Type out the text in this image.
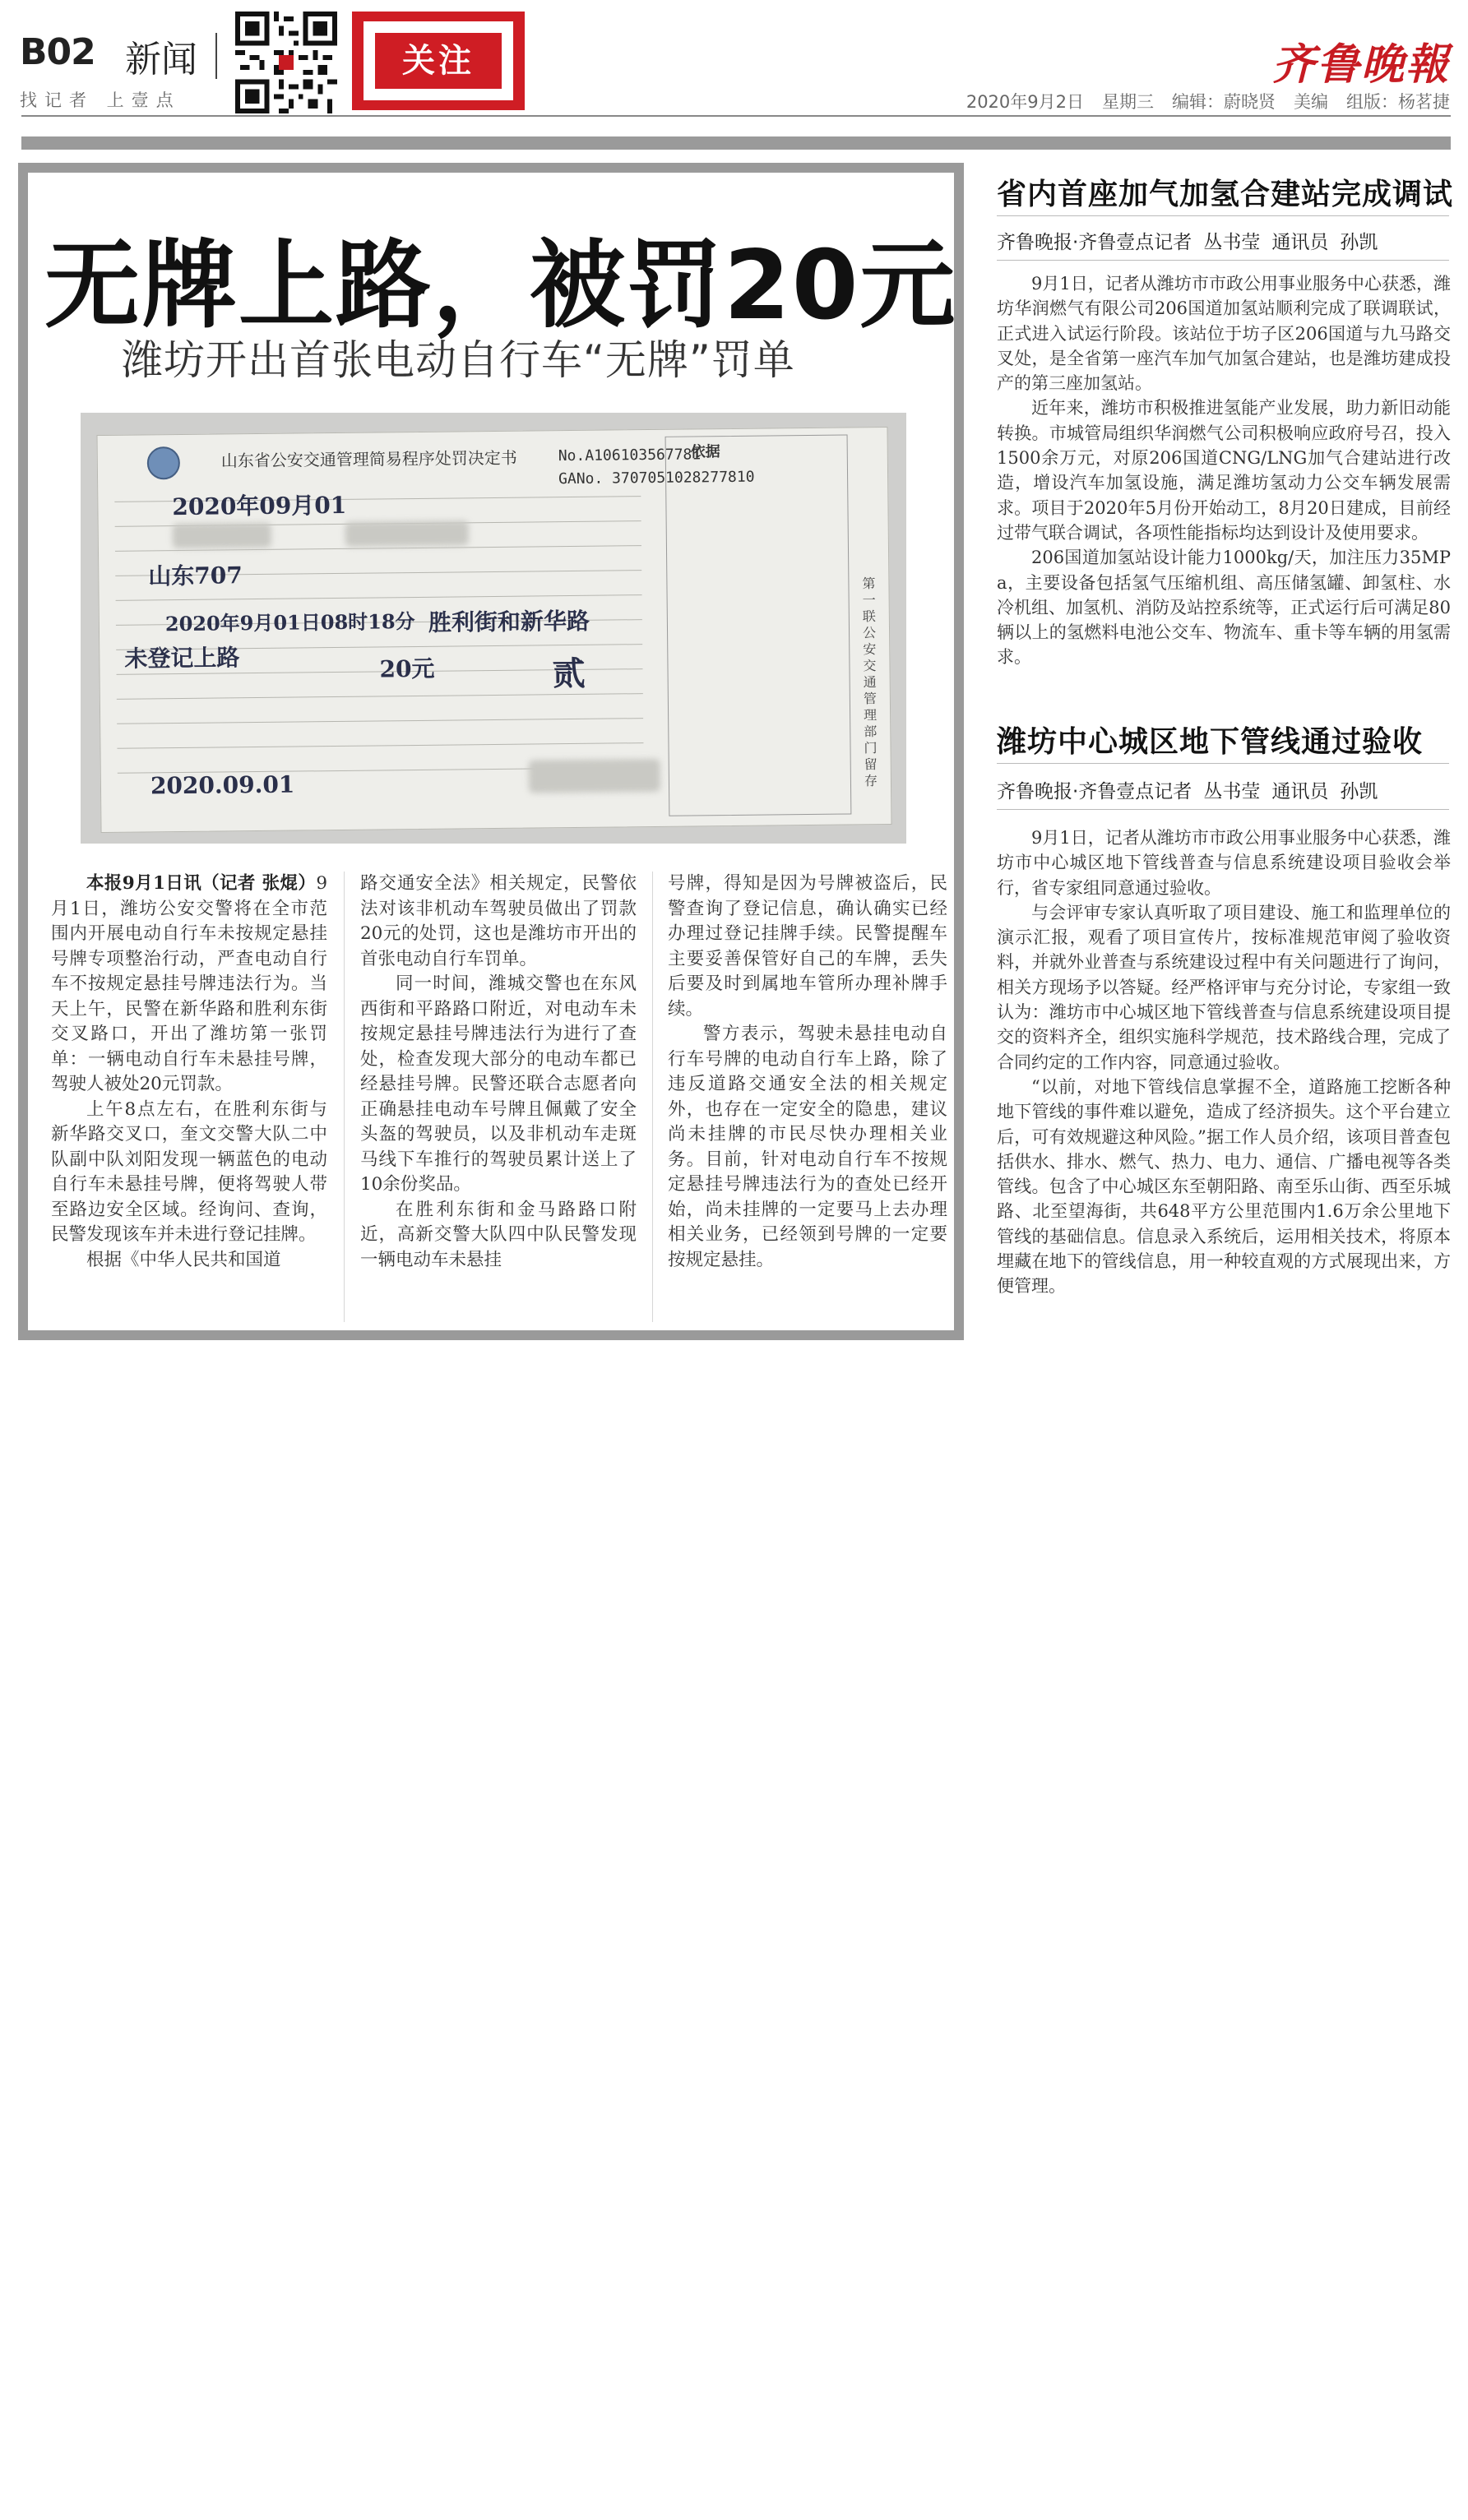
B02 新闻
找记者 上壹点
关注	齐鲁晚報
2020年9月2日 星期三 编辑：蔚晓贤 美编 组版：杨茗捷
无牌上路，被罚20元
潍坊开出首张电动自行车“无牌”罚单
山东省公安交通管理简易程序处罚决定书	No.A106103567781
GANo. 3707051028277810
依据
2020年09月01
山东707
2020年9月01日08时18分 胜利街和新华路
未登记上路	20元	贰
2020.09.01
第一联公安交通管理部门留存

本报9月1日讯（记者 张焜）9月1日，潍坊公安交警将在全市范围内开展电动自行车未按规定悬挂号牌专项整治行动，严查电动自行车不按规定悬挂号牌违法行为。当天上午，民警在新华路和胜利东街交叉路口，开出了潍坊第一张罚单：一辆电动自行车未悬挂号牌，驾驶人被处20元罚款。

上午8点左右，在胜利东街与新华路交叉口，奎文交警大队二中队副中队刘阳发现一辆蓝色的电动自行车未悬挂号牌，便将驾驶人带至路边安全区域。经询问、查询，民警发现该车并未进行登记挂牌。

根据《中华人民共和国道

路交通安全法》相关规定，民警依法对该非机动车驾驶员做出了罚款20元的处罚，这也是潍坊市开出的首张电动自行车罚单。

同一时间，潍城交警也在东风西街和平路路口附近，对电动车未按规定悬挂号牌违法行为进行了查处，检查发现大部分的电动车都已经悬挂号牌。民警还联合志愿者向正确悬挂电动车号牌且佩戴了安全头盔的驾驶员，以及非机动车走斑马线下车推行的驾驶员累计送上了10余份奖品。

在胜利东街和金马路路口附近，高新交警大队四中队民警发现一辆电动车未悬挂

号牌，得知是因为号牌被盗后，民警查询了登记信息，确认确实已经办理过登记挂牌手续。民警提醒车主要妥善保管好自己的车牌，丢失后要及时到属地车管所办理补牌手续。

警方表示，驾驶未悬挂电动自行车号牌的电动自行车上路，除了违反道路交通安全法的相关规定外，也存在一定安全的隐患，建议尚未挂牌的市民尽快办理相关业务。目前，针对电动自行车不按规定悬挂号牌违法行为的查处已经开始，尚未挂牌的一定要马上去办理相关业务，已经领到号牌的一定要按规定悬挂。

省内首座加气加氢合建站完成调试
齐鲁晚报·齐鲁壹点记者 丛书莹 通讯员 孙凯

9月1日，记者从潍坊市市政公用事业服务中心获悉，潍坊华润燃气有限公司206国道加氢站顺利完成了联调联试，正式进入试运行阶段。该站位于坊子区206国道与九马路交叉处，是全省第一座汽车加气加氢合建站，也是潍坊建成投产的第三座加氢站。

近年来，潍坊市积极推进氢能产业发展，助力新旧动能转换。市城管局组织华润燃气公司积极响应政府号召，投入1500余万元，对原206国道CNG/LNG加气合建站进行改造，增设汽车加氢设施，满足潍坊氢动力公交车辆发展需求。项目于2020年5月份开始动工，8月20日建成，目前经过带气联合调试，各项性能指标均达到设计及使用要求。

206国道加氢站设计能力1000kg/天，加注压力35MPa，主要设备包括氢气压缩机组、高压储氢罐、卸氢柱、水冷机组、加氢机、消防及站控系统等，正式运行后可满足80辆以上的氢燃料电池公交车、物流车、重卡等车辆的用氢需求。

潍坊中心城区地下管线通过验收
齐鲁晚报·齐鲁壹点记者 丛书莹 通讯员 孙凯

9月1日，记者从潍坊市市政公用事业服务中心获悉，潍坊市中心城区地下管线普查与信息系统建设项目验收会举行，省专家组同意通过验收。

与会评审专家认真听取了项目建设、施工和监理单位的演示汇报，观看了项目宣传片，按标准规范审阅了验收资料，并就外业普查与系统建设过程中有关问题进行了询问，相关方现场予以答疑。经严格评审与充分讨论，专家组一致认为：潍坊市中心城区地下管线普查与信息系统建设项目提交的资料齐全，组织实施科学规范，技术路线合理，完成了合同约定的工作内容，同意通过验收。

“以前，对地下管线信息掌握不全，道路施工挖断各种地下管线的事件难以避免，造成了经济损失。这个平台建立后，可有效规避这种风险。”据工作人员介绍，该项目普查包括供水、排水、燃气、热力、电力、通信、广播电视等各类管线。包含了中心城区东至朝阳路、南至乐山街、西至乐城路、北至望海街，共648平方公里范围内1.6万余公里地下管线的基础信息。信息录入系统后，运用相关技术，将原本埋藏在地下的管线信息，用一种较直观的方式展现出来，方便管理。
